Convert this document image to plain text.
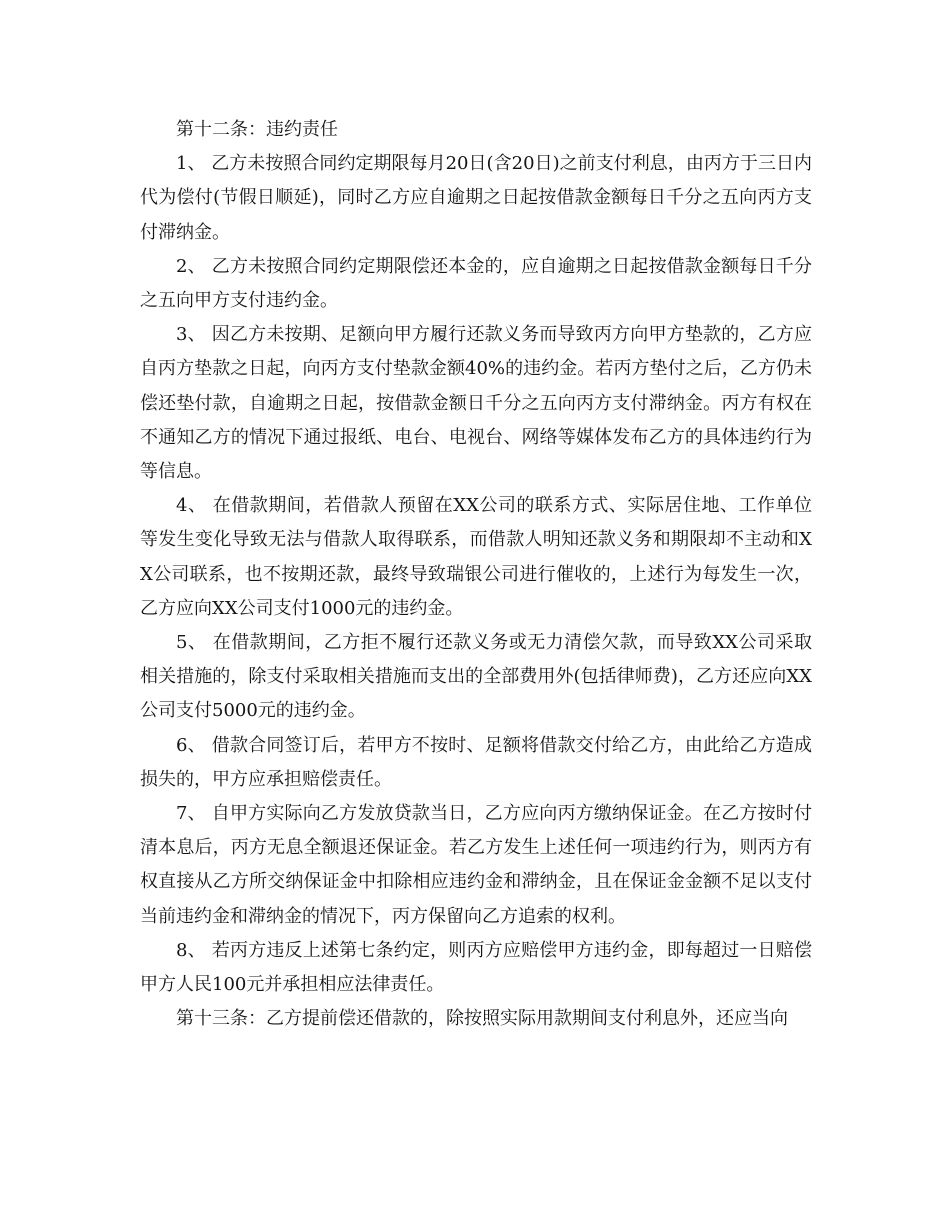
第十二条：违约责任

1、 乙方未按照合同约定期限每月20日(含20日)之前支付利息，由丙方于三日内代为偿付(节假日顺延)，同时乙方应自逾期之日起按借款金额每日千分之五向丙方支付滞纳金。

2、 乙方未按照合同约定期限偿还本金的，应自逾期之日起按借款金额每日千分之五向甲方支付违约金。

3、 因乙方未按期、足额向甲方履行还款义务而导致丙方向甲方垫款的，乙方应自丙方垫款之日起，向丙方支付垫款金额40%的违约金。若丙方垫付之后，乙方仍未偿还垫付款，自逾期之日起，按借款金额日千分之五向丙方支付滞纳金。丙方有权在不通知乙方的情况下通过报纸、电台、电视台、网络等媒体发布乙方的具体违约行为等信息。

4、 在借款期间，若借款人预留在XX公司的联系方式、实际居住地、工作单位等发生变化导致无法与借款人取得联系，而借款人明知还款义务和期限却不主动和XX公司联系，也不按期还款，最终导致瑞银公司进行催收的，上述行为每发生一次，乙方应向XX公司支付1000元的违约金。

5、 在借款期间，乙方拒不履行还款义务或无力清偿欠款，而导致XX公司采取相关措施的，除支付采取相关措施而支出的全部费用外(包括律师费)，乙方还应向XX公司支付5000元的违约金。

6、 借款合同签订后，若甲方不按时、足额将借款交付给乙方，由此给乙方造成损失的，甲方应承担赔偿责任。

7、 自甲方实际向乙方发放贷款当日，乙方应向丙方缴纳保证金。在乙方按时付清本息后，丙方无息全额退还保证金。若乙方发生上述任何一项违约行为，则丙方有权直接从乙方所交纳保证金中扣除相应违约金和滞纳金，且在保证金金额不足以支付当前违约金和滞纳金的情况下，丙方保留向乙方追索的权利。

8、 若丙方违反上述第七条约定，则丙方应赔偿甲方违约金，即每超过一日赔偿甲方人民100元并承担相应法律责任。

第十三条：乙方提前偿还借款的，除按照实际用款期间支付利息外，还应当向
